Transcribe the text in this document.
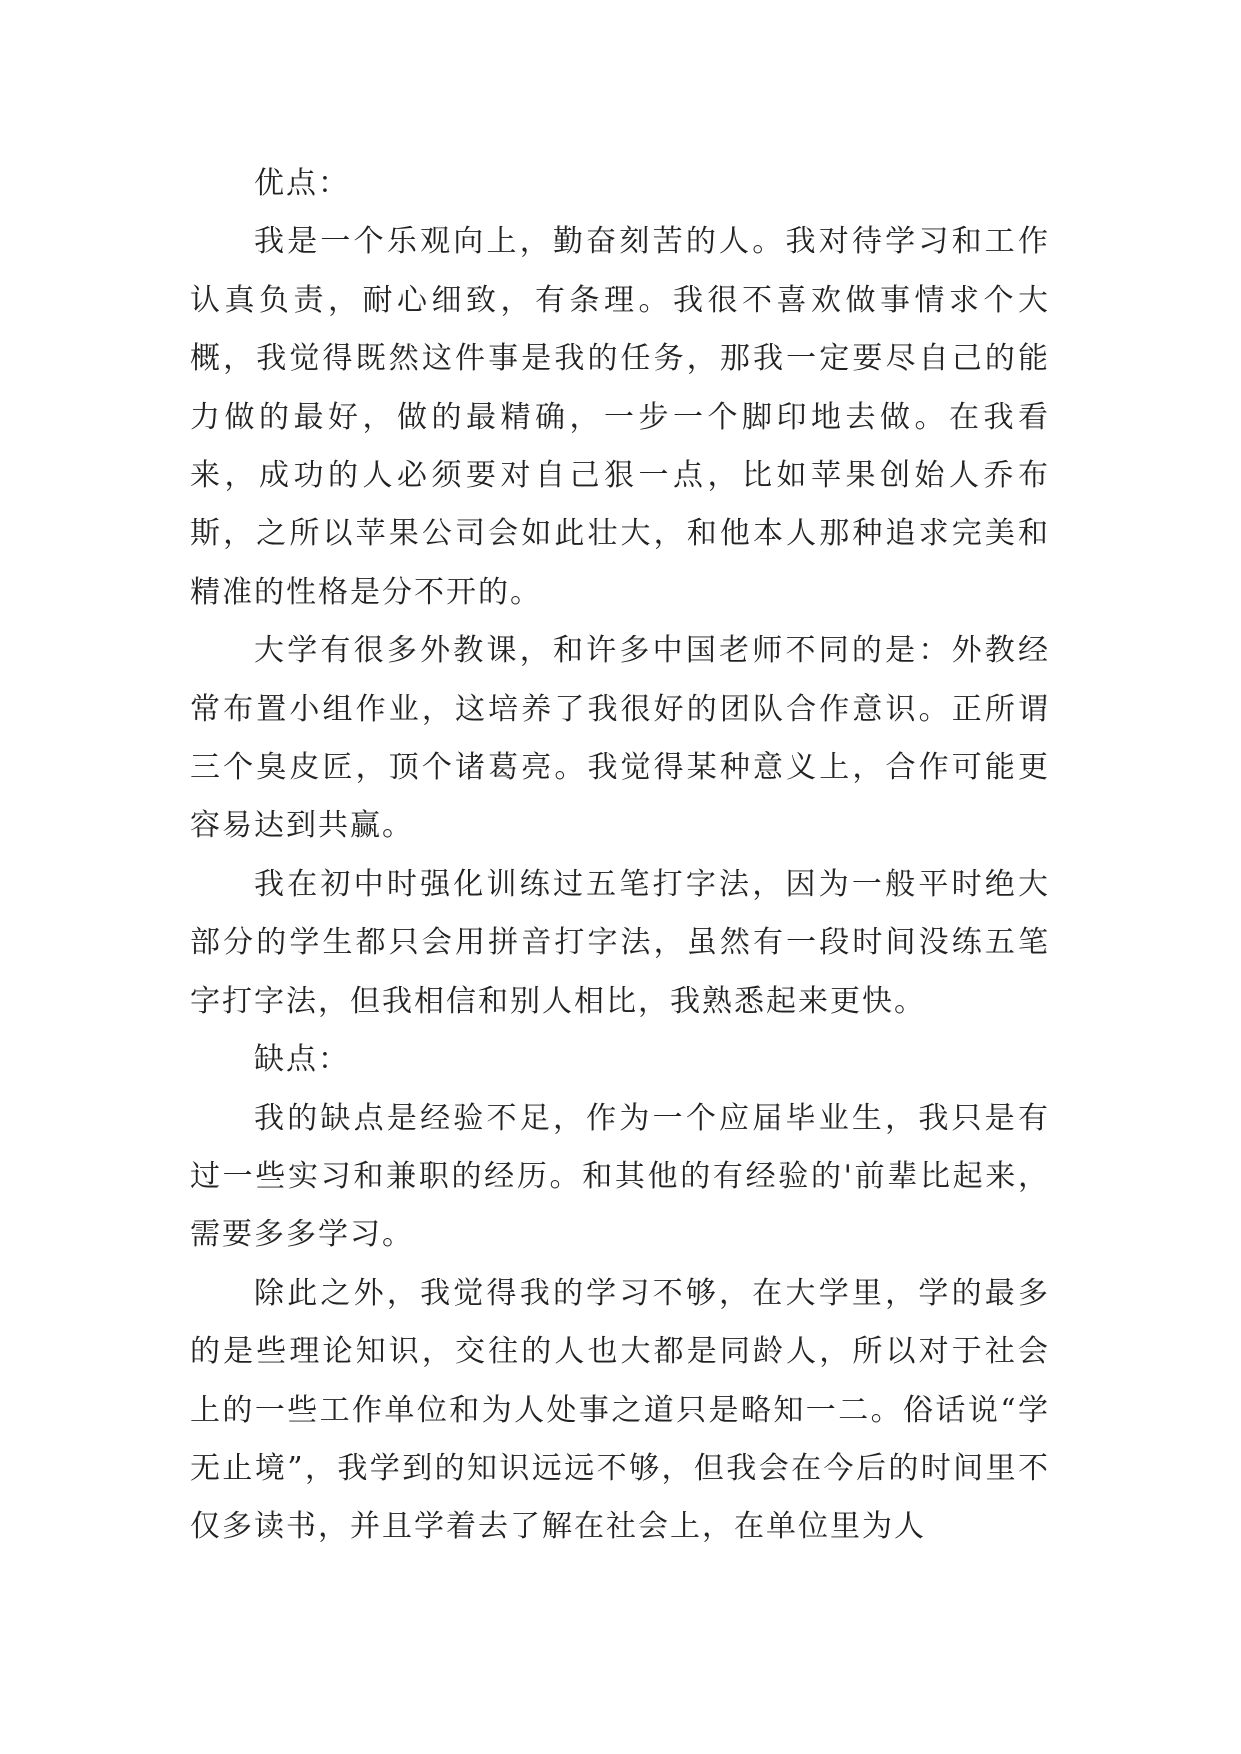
优点：

我是一个乐观向上，勤奋刻苦的人。我对待学习和工作认真负责，耐心细致，有条理。我很不喜欢做事情求个大概，我觉得既然这件事是我的任务，那我一定要尽自己的能力做的最好，做的最精确，一步一个脚印地去做。在我看来，成功的人必须要对自己狠一点，比如苹果创始人乔布斯，之所以苹果公司会如此壮大，和他本人那种追求完美和精准的性格是分不开的。

大学有很多外教课，和许多中国老师不同的是：外教经常布置小组作业，这培养了我很好的团队合作意识。正所谓三个臭皮匠，顶个诸葛亮。我觉得某种意义上，合作可能更容易达到共赢。

我在初中时强化训练过五笔打字法，因为一般平时绝大部分的学生都只会用拼音打字法，虽然有一段时间没练五笔字打字法，但我相信和别人相比，我熟悉起来更快。

缺点：

我的缺点是经验不足，作为一个应届毕业生，我只是有过一些实习和兼职的经历。和其他的有经验的'前辈比起来，需要多多学习。

除此之外，我觉得我的学习不够，在大学里，学的最多的是些理论知识，交往的人也大都是同龄人，所以对于社会上的一些工作单位和为人处事之道只是略知一二。俗话说“学无止境”，我学到的知识远远不够，但我会在今后的时间里不仅多读书，并且学着去了解在社会上，在单位里为人
